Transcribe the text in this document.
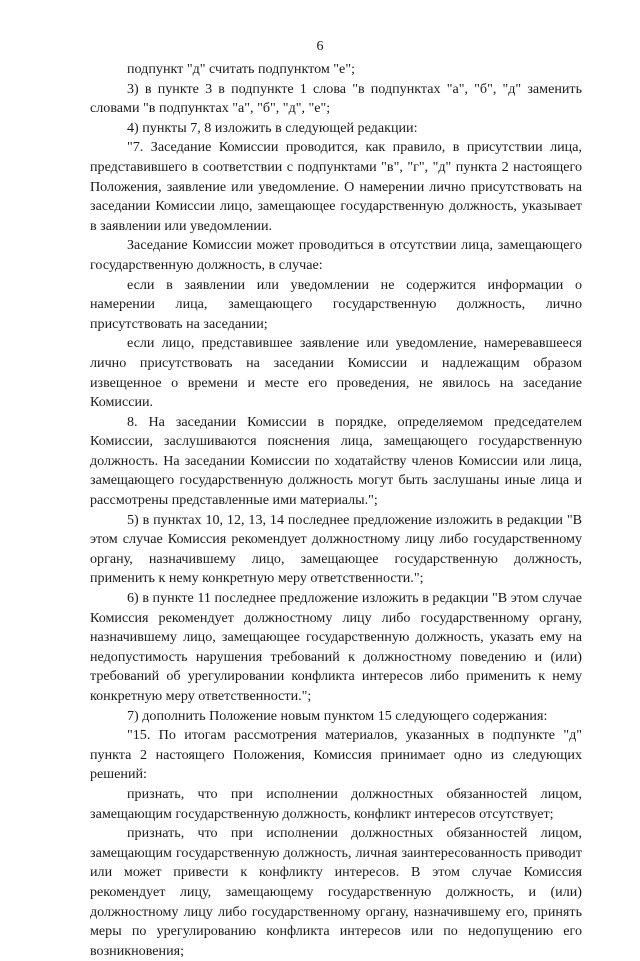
6

подпункт "д" считать подпунктом "е";

3) в пункте 3 в подпункте 1 слова "в подпунктах "а", "б", "д" заменить словами "в подпунктах "а", "б", "д", "е";

4) пункты 7, 8 изложить в следующей редакции:

"7. Заседание Комиссии проводится, как правило, в присутствии лица, представившего в соответствии с подпунктами "в", "г", "д" пункта 2 настоящего Положения, заявление или уведомление. О намерении лично присутствовать на заседании Комиссии лицо, замещающее государственную должность, указывает в заявлении или уведомлении.

Заседание Комиссии может проводиться в отсутствии лица, замещающего государственную должность, в случае:

если в заявлении или уведомлении не содержится информации о намерении лица, замещающего государственную должность, лично присутствовать на заседании;

если лицо, представившее заявление или уведомление, намеревавшееся лично присутствовать на заседании Комиссии и надлежащим образом извещенное о времени и месте его проведения, не явилось на заседание Комиссии.

8. На заседании Комиссии в порядке, определяемом председателем Комиссии, заслушиваются пояснения лица, замещающего государственную должность. На заседании Комиссии по ходатайству членов Комиссии или лица, замещающего государственную должность могут быть заслушаны иные лица и рассмотрены представленные ими материалы.";

5) в пунктах 10, 12, 13, 14 последнее предложение изложить в редакции "В этом случае Комиссия рекомендует должностному лицу либо государственному органу, назначившему лицо, замещающее государственную должность, применить к нему конкретную меру ответственности.";

6) в пункте 11 последнее предложение изложить в редакции "В этом случае Комиссия рекомендует должностному лицу либо государственному органу, назначившему лицо, замещающее государственную должность, указать ему на недопустимость нарушения требований к должностному поведению и (или) требований об урегулировании конфликта интересов либо применить к нему конкретную меру ответственности.";

7) дополнить Положение новым пунктом 15 следующего содержания:

"15. По итогам рассмотрения материалов, указанных в подпункте "д" пункта 2 настоящего Положения, Комиссия принимает одно из следующих решений:

признать, что при исполнении должностных обязанностей лицом, замещающим государственную должность, конфликт интересов отсутствует;

признать, что при исполнении должностных обязанностей лицом, замещающим государственную должность, личная заинтересованность приводит или может привести к конфликту интересов. В этом случае Комиссия рекомендует лицу, замещающему государственную должность, и (или) должностному лицу либо государственному органу, назначившему его, принять меры по урегулированию конфликта интересов или по недопущению его возникновения;
